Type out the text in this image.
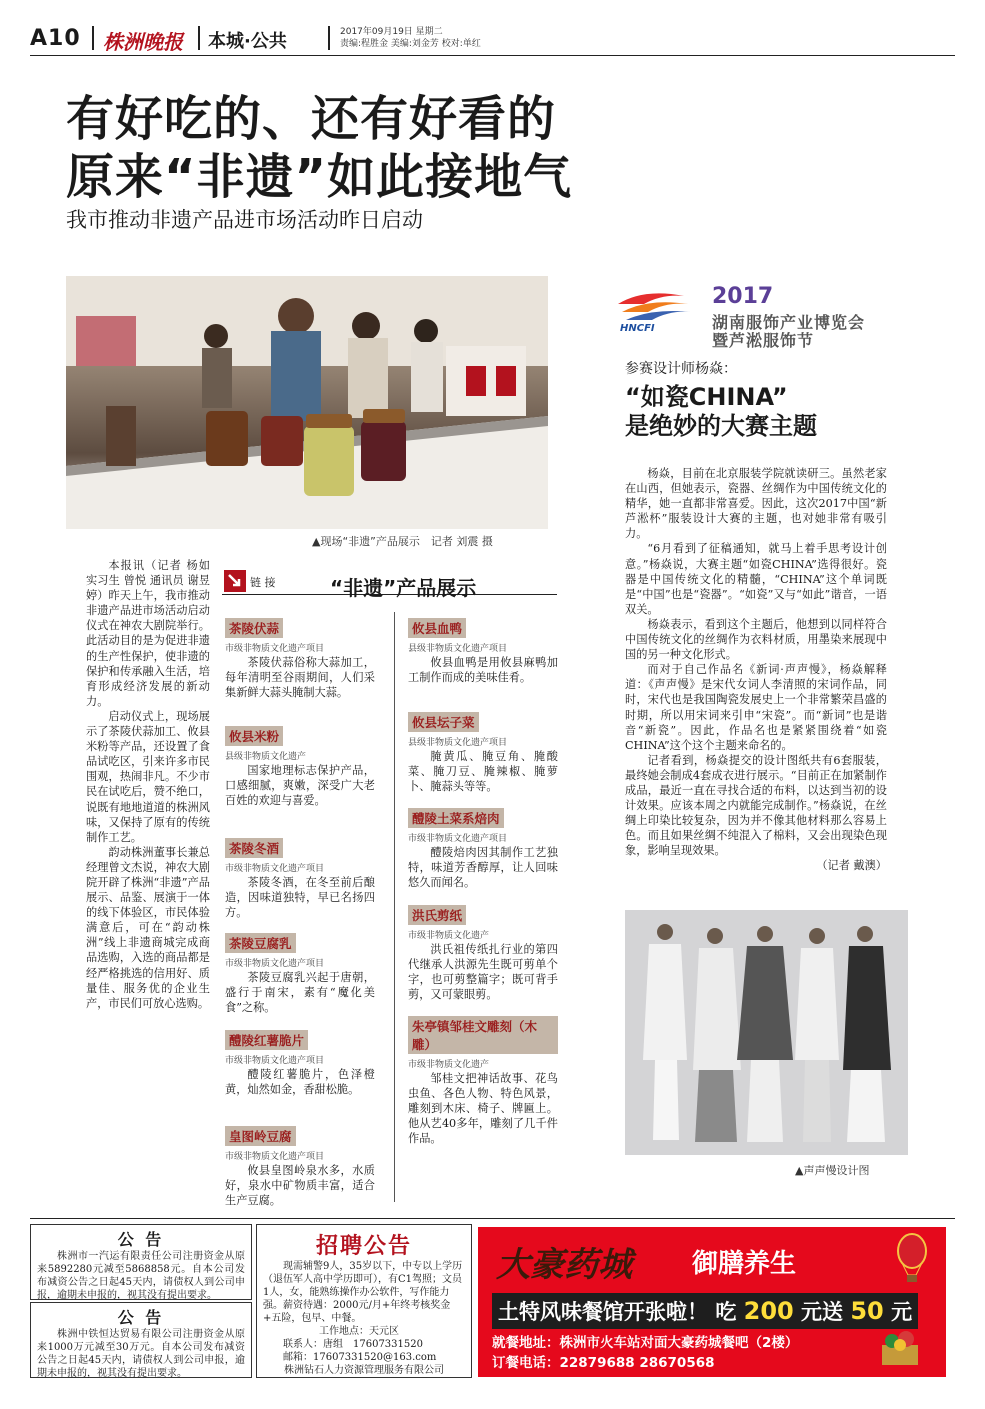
A10 株洲晚报 本城·公共	2017年09月19日 星期二
责编:程胜金 美编:刘金芳 校对:单红
有好吃的、还有好看的
原来“非遗”如此接地气
我市推动非遗产品进市场活动昨日启动
▲现场“非遗”产品展示　记者 刘震 摄

本报讯（记者 杨如 实习生 曾悦 通讯员 谢昱婷）昨天上午，我市推动非遗产品进市场活动启动仪式在神农大剧院举行。此活动目的是为促进非遗的生产性保护，使非遗的保护和传承融入生活，培育形成经济发展的新动力。

启动仪式上，现场展示了茶陵伏蒜加工、攸县米粉等产品，还设置了食品试吃区，引来许多市民围观，热闹非凡。不少市民在试吃后，赞不绝口，说既有地地道道的株洲风味，又保持了原有的传统制作工艺。

韵动株洲董事长兼总经理曾文杰说，神农大剧院开辟了株洲“非遗”产品展示、品鉴、展演于一体的线下体验区，市民体验满意后，可在“韵动株洲”线上非遗商城完成商品选购，入选的商品都是经严格挑选的信用好、质量佳、服务优的企业生产，市民们可放心选购。

链 接	“非遗”产品展示
茶陵伏蒜
市级非物质文化遗产项目
茶陵伏蒜俗称大蒜加工，每年清明至谷雨期间，人们采集新鲜大蒜头腌制大蒜。
攸县米粉
县级非物质文化遗产
国家地理标志保护产品，口感细腻，爽嫩，深受广大老百姓的欢迎与喜爱。
茶陵冬酒
市级非物质文化遗产项目
茶陵冬酒，在冬至前后酿造，因味道独特，早已名扬四方。
茶陵豆腐乳
市级非物质文化遗产项目
茶陵豆腐乳兴起于唐朝，盛行于南宋，素有“魔化美食”之称。
醴陵红薯脆片
市级非物质文化遗产项目
醴陵红薯脆片，色泽橙黄，灿然如金，香甜松脆。
皇图岭豆腐
市级非物质文化遗产项目
攸县皇图岭泉水多，水质好，泉水中矿物质丰富，适合生产豆腐。
攸县血鸭
县级非物质文化遗产项目
攸县血鸭是用攸县麻鸭加工制作而成的美味佳肴。
攸县坛子菜
县级非物质文化遗产项目
腌黄瓜、腌豆角、腌酸菜、腌刀豆、腌辣椒、腌萝卜、腌蒜头等等。
醴陵土菜系焙肉
市级非物质文化遗产项目
醴陵焙肉因其制作工艺独特，味道芳香醇厚，让人回味悠久而闻名。
洪氏剪纸
市级非物质文化遗产
洪氏祖传纸扎行业的第四代继承人洪源先生既可剪单个字，也可剪整篇字；既可背手剪，又可蒙眼剪。
朱亭镇邹桂文雕刻（木雕）
市级非物质文化遗产
邹桂文把神话故事、花鸟虫鱼、各色人物、特色风景，雕刻到木床、椅子、牌匾上。他从艺40多年，雕刻了几千件作品。
HNCFI
2017
湖南服饰产业博览会
暨芦淞服饰节
参赛设计师杨焱：
“如瓷CHINA”
是绝妙的大赛主题

杨焱，目前在北京服装学院就读研三。虽然老家在山西，但她表示，瓷器、丝绸作为中国传统文化的精华，她一直都非常喜爱。因此，这次2017中国“新芦淞杯”服装设计大赛的主题，也对她非常有吸引力。

“6月看到了征稿通知，就马上着手思考设计创意。”杨焱说，大赛主题“如瓷CHINA”选得很好。瓷器是中国传统文化的精髓，“CHINA”这个单词既是“中国”也是“瓷器”。“如瓷”又与“如此”谐音，一语双关。

杨焱表示，看到这个主题后，他想到以同样符合中国传统文化的丝绸作为衣料材质，用墨染来展现中国的另一种文化形式。

而对于自己作品名《新词·声声慢》，杨焱解释道：《声声慢》是宋代女词人李清照的宋词作品，同时，宋代也是我国陶瓷发展史上一个非常繁荣昌盛的时期，所以用宋词来引申“宋瓷”。而“新词”也是谐音“新瓷”。因此，作品名也是紧紧围绕着“如瓷CHINA”这个这个主题来命名的。

记者看到，杨焱提交的设计图纸共有6套服装，最终她会制成4套成衣进行展示。“目前正在加紧制作成品，最近一直在寻找合适的布料，以达到当初的设计效果。应该本周之内就能完成制作。”杨焱说，在丝绸上印染比较复杂，因为并不像其他材料那么容易上色。而且如果丝绸不纯混入了棉料，又会出现染色现象，影响呈现效果。

（记者 戴澳）
▲声声慢设计图
公 告
株洲市一汽运有限责任公司注册资金从原来5892280元减至5868858元。自本公司发布减资公告之日起45天内，请债权人到公司申报，逾期未申报的，视其没有提出要求。
公 告
株洲中铁恒达贸易有限公司注册资金从原来1000万元减至30万元。自本公司发布减资公告之日起45天内，请债权人到公司申报，逾期未申报的，视其没有提出要求。
招聘公告
现需辅警9人，35岁以下，中专以上学历（退伍军人高中学历即可），有C1驾照；文员1人，女，能熟练操作办公软件，写作能力强。薪资待遇：2000元/月+年终考核奖金+五险，包早、中餐。
工作地点：天元区
联系人：唐组　17607331520
邮箱：17607331520@163.com
株洲钻石人力资源管理服务有限公司
大豪药城 御膳养生
土特风味餐馆开张啦！ 吃 200 元送 50 元
就餐地址：株洲市火车站对面大豪药城餐吧（2楼）
订餐电话：22879688 28670568
